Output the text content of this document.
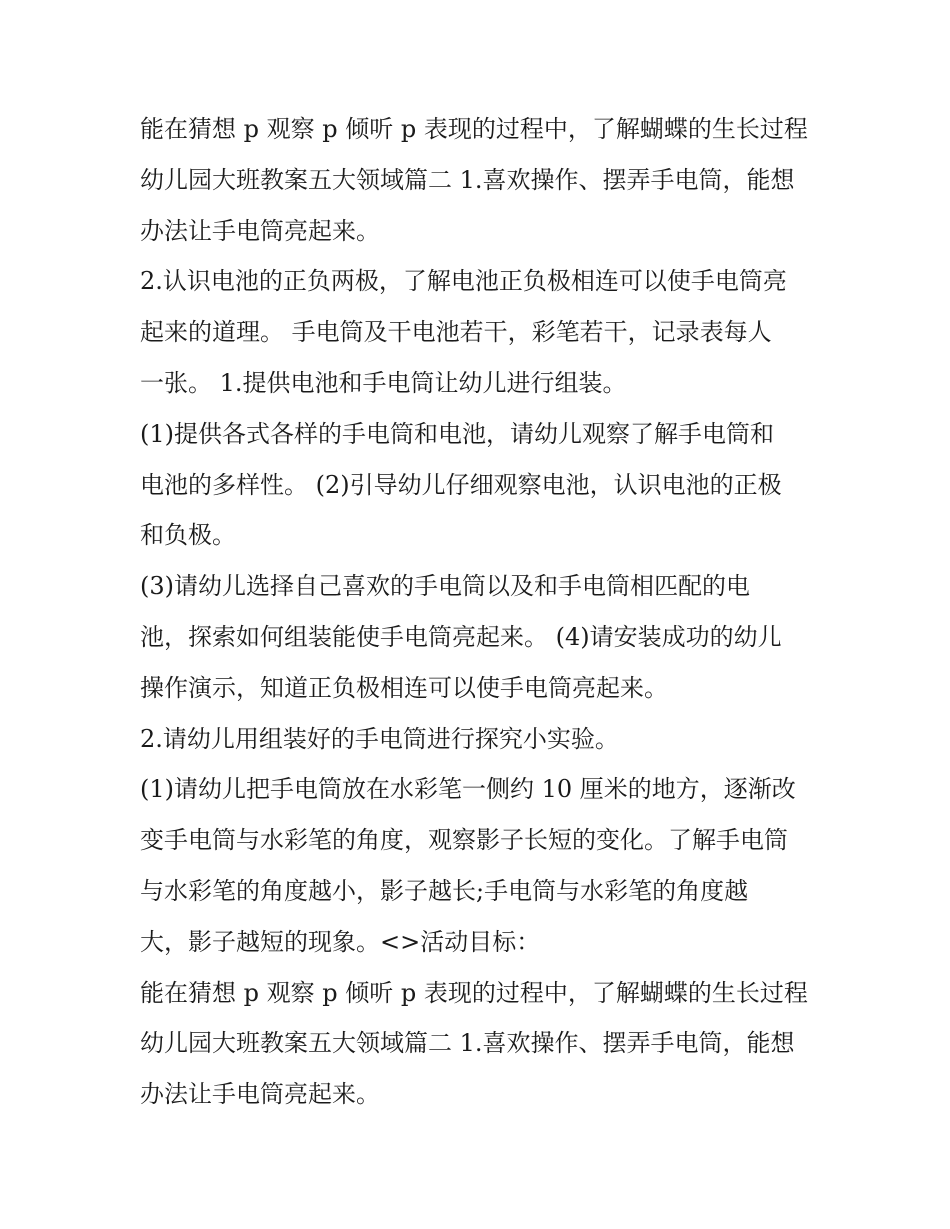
能在猜想 p 观察 p 倾听 p 表现的过程中，了解蝴蝶的生长过程
幼儿园大班教案五大领域篇二 1.喜欢操作、摆弄手电筒，能想
办法让手电筒亮起来。
2.认识电池的正负两极，了解电池正负极相连可以使手电筒亮
起来的道理。 手电筒及干电池若干，彩笔若干，记录表每人
一张。 1.提供电池和手电筒让幼儿进行组装。
(1)提供各式各样的手电筒和电池，请幼儿观察了解手电筒和
电池的多样性。 (2)引导幼儿仔细观察电池，认识电池的正极
和负极。
(3)请幼儿选择自己喜欢的手电筒以及和手电筒相匹配的电
池，探索如何组装能使手电筒亮起来。 (4)请安装成功的幼儿
操作演示，知道正负极相连可以使手电筒亮起来。
2.请幼儿用组装好的手电筒进行探究小实验。
(1)请幼儿把手电筒放在水彩笔一侧约 10 厘米的地方，逐渐改
变手电筒与水彩笔的角度，观察影子长短的变化。了解手电筒
与水彩笔的角度越小，影子越长;手电筒与水彩笔的角度越
大，影子越短的现象。<>活动目标：
能在猜想 p 观察 p 倾听 p 表现的过程中，了解蝴蝶的生长过程
幼儿园大班教案五大领域篇二 1.喜欢操作、摆弄手电筒，能想
办法让手电筒亮起来。
